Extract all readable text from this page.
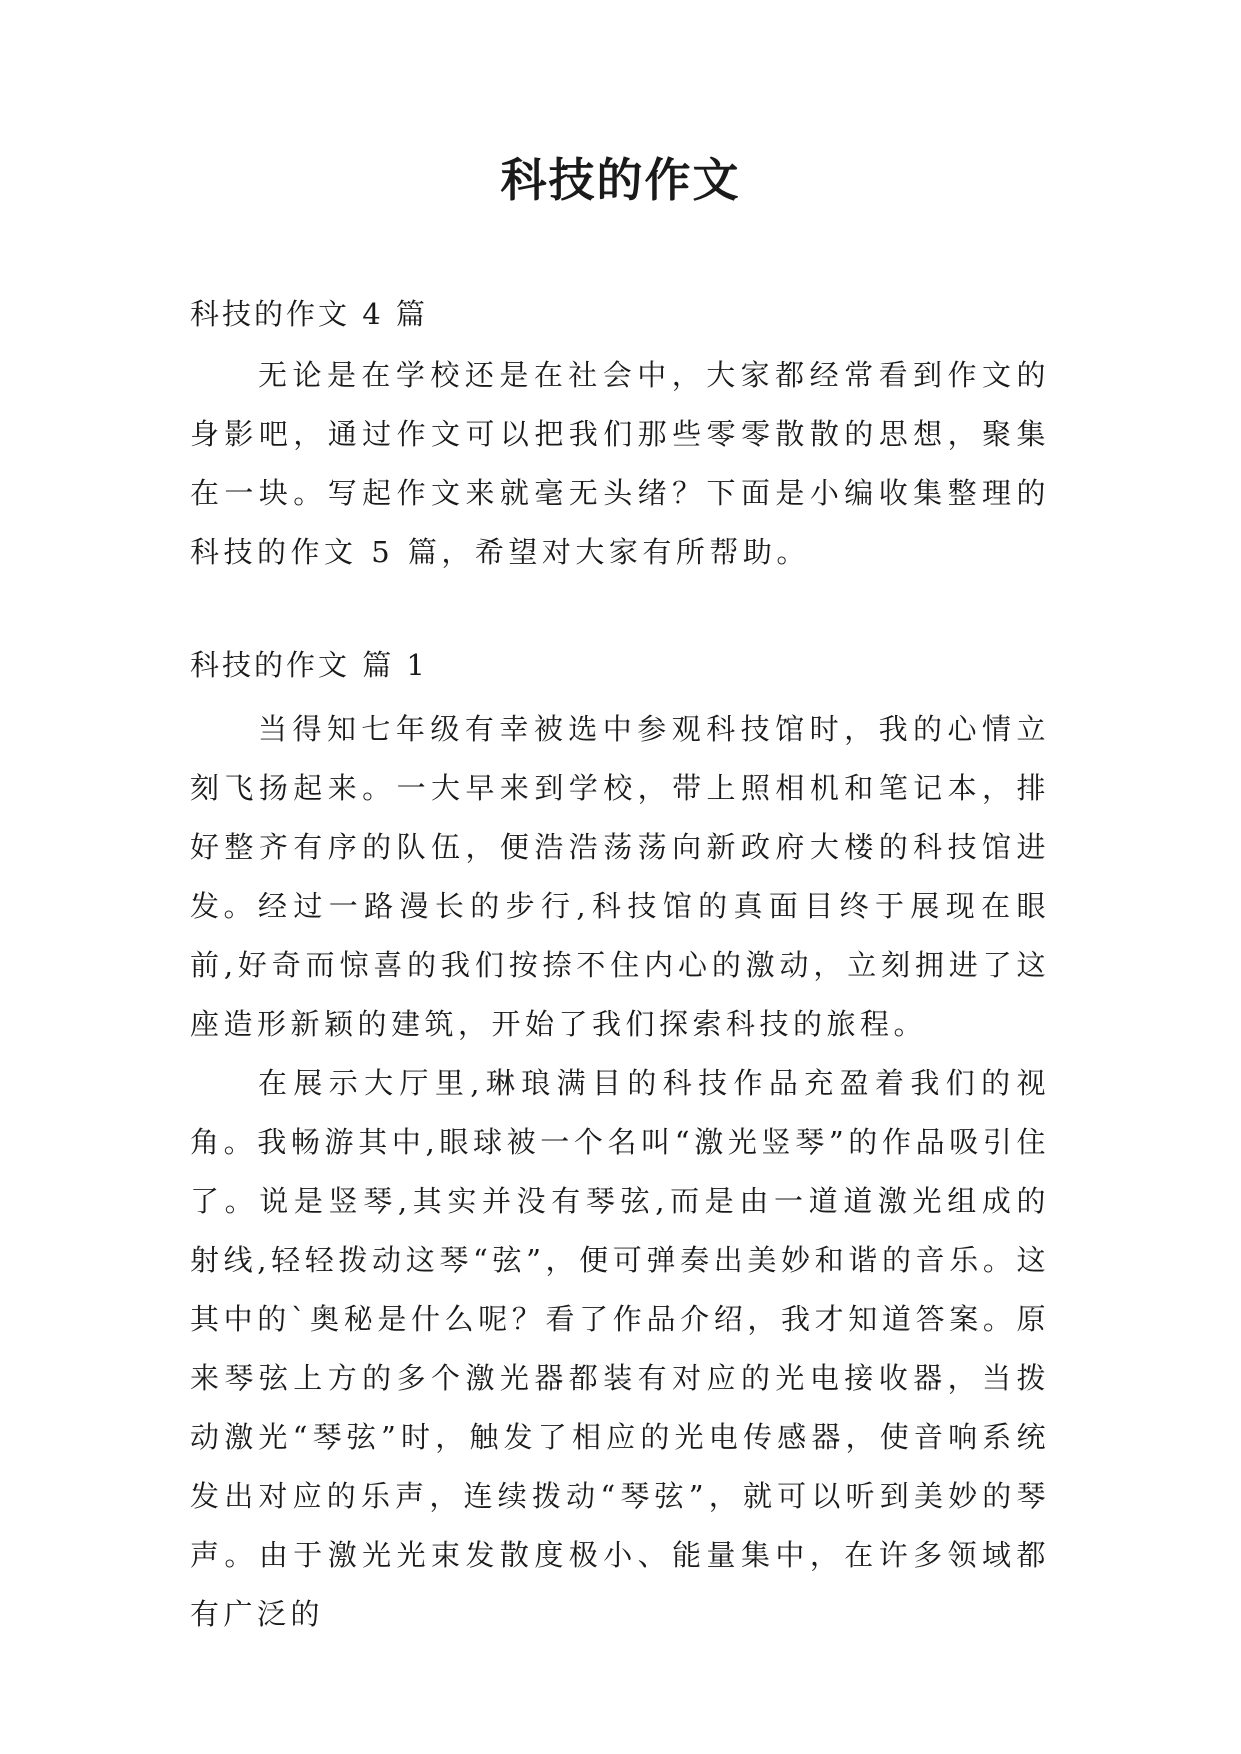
科技的作文
科技的作文 4 篇

无论是在学校还是在社会中，大家都经常看到作文的身影吧，通过作文可以把我们那些零零散散的思想，聚集在一块。写起作文来就毫无头绪？下面是小编收集整理的科技的作文 5 篇，希望对大家有所帮助。

科技的作文 篇 1

当得知七年级有幸被选中参观科技馆时，我的心情立刻飞扬起来。一大早来到学校，带上照相机和笔记本，排好整齐有序的队伍，便浩浩荡荡向新政府大楼的科技馆进发。 经过一路漫长的步行,科技馆的真面目终于展现在眼前,好奇而惊喜的我们按捺不住内心的激动，立刻拥进了这座造形新颖的建筑，开始了我们探索科技的旅程。

在展示大厅里,琳琅满目的科技作品充盈着我们的视角。我畅游其中,眼球被一个名叫“激光竖琴”的作品吸引住了。说是竖琴,其实并没有琴弦,而是由一道道激光组成的射线,轻轻拨动这琴“弦”，便可弹奏出美妙和谐的音乐。这其中的`奥秘是什么呢？看了作品介绍，我才知道答案。原来琴弦上方的多个激光器都装有对应的光电接收器，当拨动激光“琴弦”时，触发了相应的光电传感器，使音响系统发出对应的乐声，连续拨动“琴弦”，就可以听到美妙的琴声。由于激光光束发散度极小、能量集中，在许多领域都有广泛的
